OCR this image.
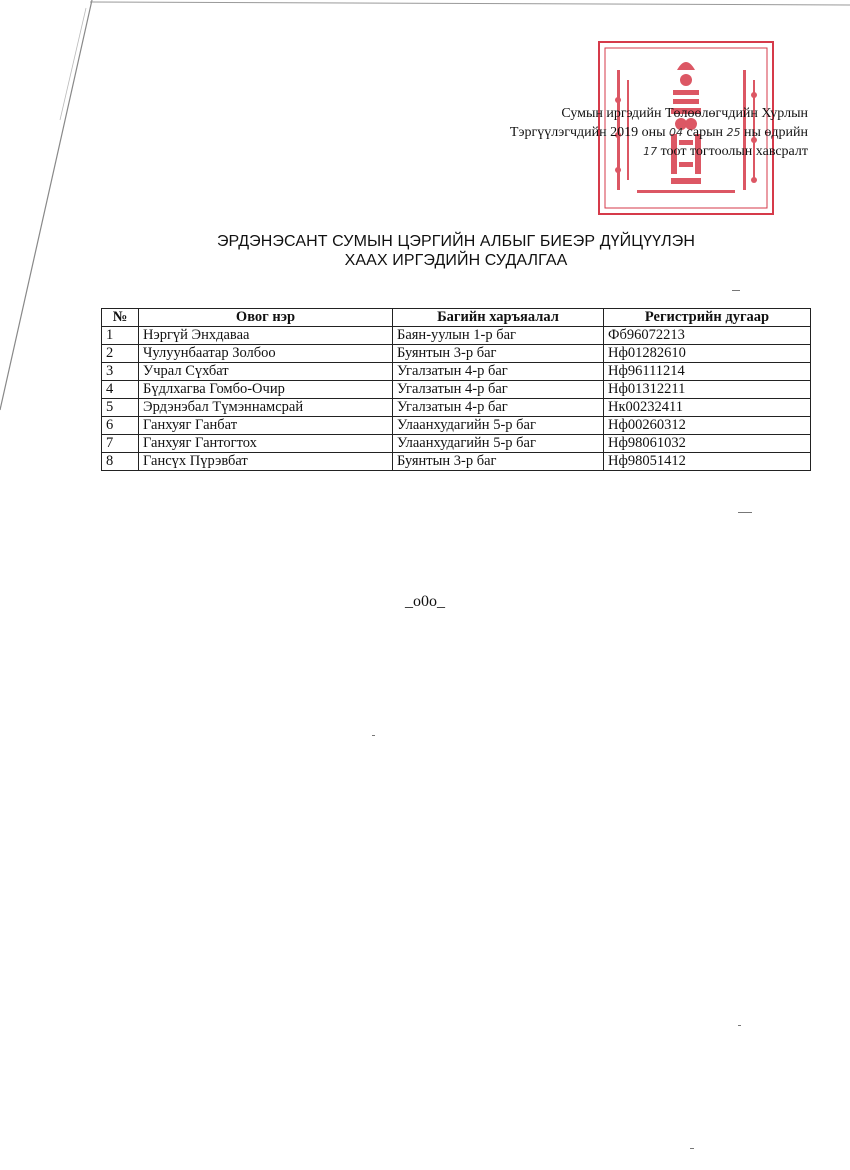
Сумын иргэдийн Төлөөлөгчдийн Хурлын
Тэргүүлэгчдийн 2019 оны 04 сарын 25 ны өдрийн
17 тоот тогтоолын хавсралт
ЭРДЭНЭСАНТ СУМЫН ЦЭРГИЙН АЛБЫГ БИЕЭР ДҮЙЦҮҮЛЭН
ХААХ ИРГЭДИЙН СУДАЛГАА
№	Овог нэр	Багийн харъяалал	Регистрийн дугаар
1	Нэргүй Энхдаваа	Баян-уулын 1-р баг	Фб96072213
2	Чулуунбаатар Золбоо	Буянтын 3-р баг	Нф01282610
3	Учрал Сүхбат	Угалзатын 4-р баг	Нф96111214
4	Бүдлхагва Гомбо-Очир	Угалзатын 4-р баг	Нф01312211
5	Эрдэнэбал Түмэннамсрай	Угалзатын 4-р баг	Нк00232411
6	Ганхуяг Ганбат	Улаанхудагийн 5-р баг	Нф00260312
7	Ганхуяг Гантогтох	Улаанхудагийн 5-р баг	Нф98061032
8	Гансүх Пүрэвбат	Буянтын 3-р баг	Нф98051412
_o0o_
